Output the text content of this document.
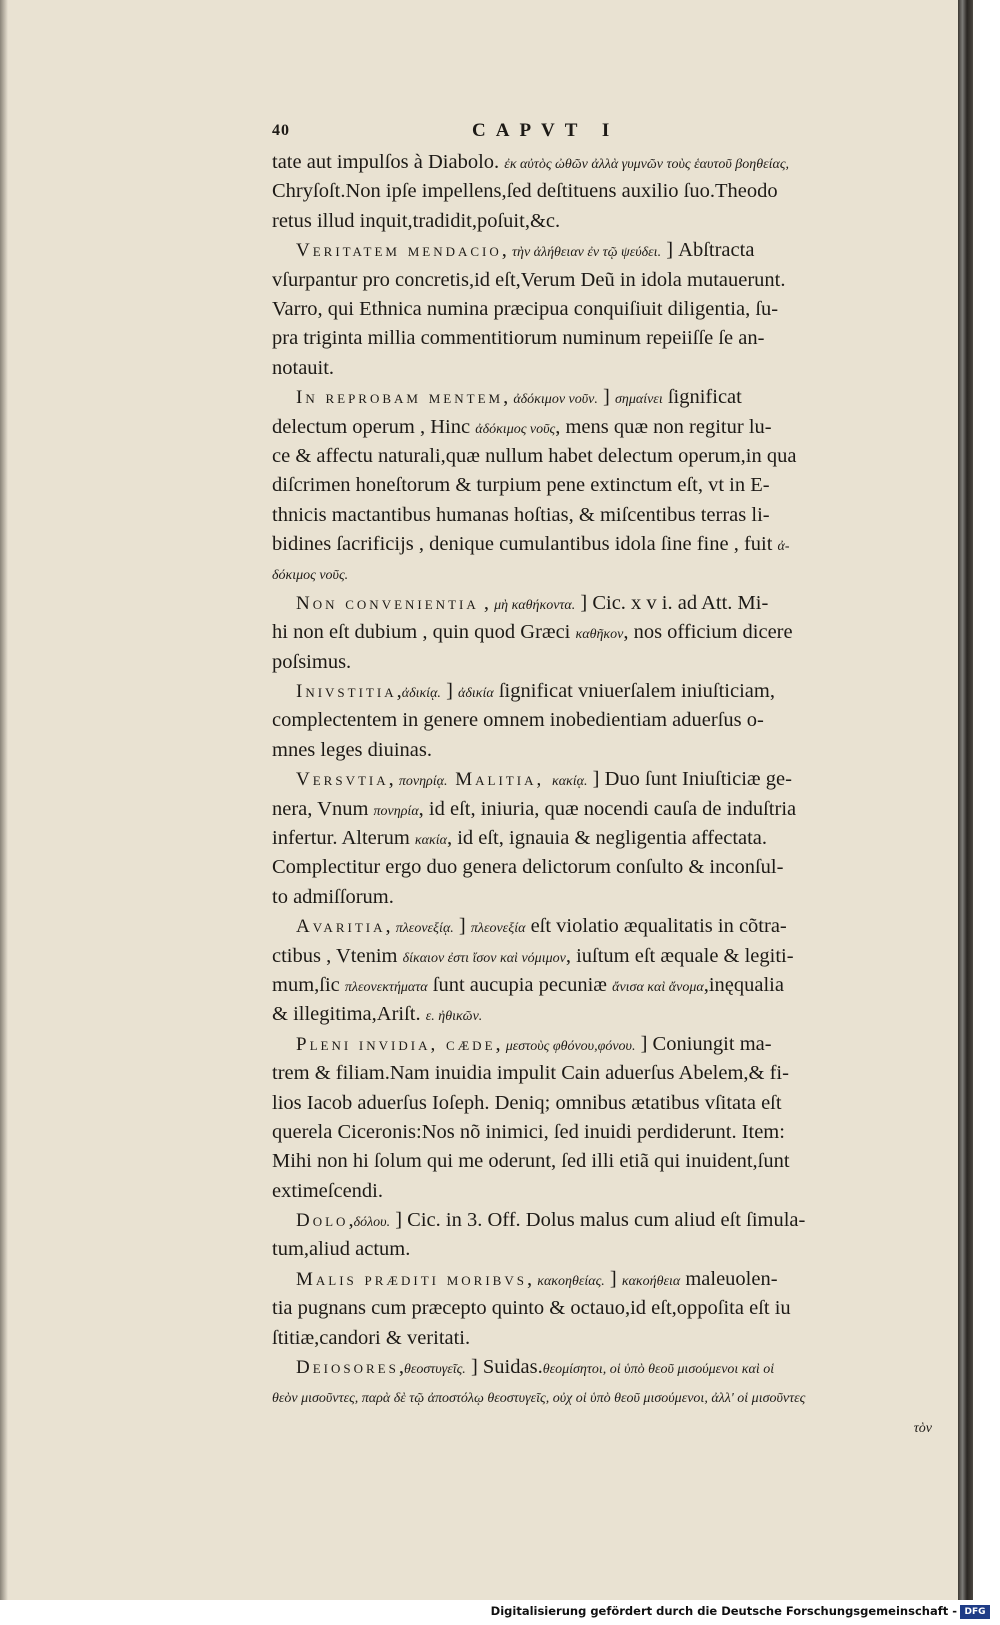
40	CAPVT I
tate aut impulſos à Diabolo. ἐκ αὐτὸς ὠθῶν ἀλλὰ γυμνῶν τοὺς ἑαυτοῦ βοηθείας,
Chryſoſt.Non ipſe impellens,ſed deſtituens auxilio ſuo.Theodo
retus illud inquit,tradidit,poſuit,&c.
Veritatem mendacio, τὴν ἀλήθειαν ἐν τῷ ψεύδει. ] Abſtracta
vſurpantur pro concretis,id eſt,Verum Deũ in idola mutauerunt.
Varro, qui Ethnica numina præcipua conquiſiuit diligentia, ſu-
pra triginta millia commentitiorum numinum repeiiſſe ſe an-
notauit.
In reprobam mentem, ἀδόκιμον νοῦν. ] σημαίνει ſignificat
delectum operum , Hinc ἀδόκιμος νοῦς, mens quæ non regitur lu-
ce & affectu naturali,quæ nullum habet delectum operum,in qua
diſcrimen honeſtorum & turpium pene extinctum eſt, vt in E-
thnicis mactantibus humanas hoſtias, & miſcentibus terras li-
bidines ſacrificijs , denique cumulantibus idola ſine fine , fuit ἀ-
δόκιμος νοῦς.
Non convenientia , μὴ καθήκοντα. ] Cic. x v i. ad Att. Mi-
hi non eſt dubium , quin quod Græci καθῆκον, nos officium dicere
poſsimus.
Inivstitia,ἀδικίᾳ. ] ἀδικία ſignificat vniuerſalem iniuſticiam,
complectentem in genere omnem inobedientiam aduerſus o-
mnes leges diuinas.
Versvtia, πονηρίᾳ. Malitia, κακίᾳ. ] Duo ſunt Iniuſticiæ ge-
nera, Vnum πονηρία, id eſt, iniuria, quæ nocendi cauſa de induſtria
infertur. Alterum κακία, id eſt, ignauia & negligentia affectata.
Complectitur ergo duo genera delictorum conſulto & inconſul-
to admiſſorum.
Avaritia, πλεονεξίᾳ. ] πλεονεξία eſt violatio æqualitatis in cõtra-
ctibus , Vtenim δίκαιον ἐστι ἴσον καὶ νόμιμον, iuſtum eſt æquale & legiti-
mum,ſic πλεονεκτήματα ſunt aucupia pecuniæ ἄνισα καὶ ἄνομα,inęqualia
& illegitima,Ariſt. ε. ἠθικῶν.
Pleni invidia, cæde, μεστοὺς φθόνου,φόνου. ] Coniungit ma-
trem & filiam.Nam inuidia impulit Cain aduerſus Abelem,& fi-
lios Iacob aduerſus Ioſeph. Deniq; omnibus ætatibus vſitata eſt
querela Ciceronis:Nos nõ inimici, ſed inuidi perdiderunt. Item:
Mihi non hi ſolum qui me oderunt, ſed illi etiã qui inuident,ſunt
extimeſcendi.
Dolo,δόλου. ] Cic. in 3. Off. Dolus malus cum aliud eſt ſimula-
tum,aliud actum.
Malis præditi moribvs, κακοηθείας. ] κακοήθεια maleuolen-
tia pugnans cum præcepto quinto & octauo,id eſt,oppoſita eſt iu
ſtitiæ,candori & veritati.
Deiosores,θεοστυγεῖς. ] Suidas.θεομίσητοι, οἱ ὑπὸ θεοῦ μισούμενοι καὶ οἱ
θεὸν μισοῦντες, παρὰ δὲ τῷ ἀποστόλῳ θεοστυγεῖς, οὐχ οἱ ὑπὸ θεοῦ μισούμενοι, ἀλλ' οἱ μισοῦντες
τὸν
Digitalisierung gefördert durch die Deutsche Forschungsgemeinschaft - DFG
